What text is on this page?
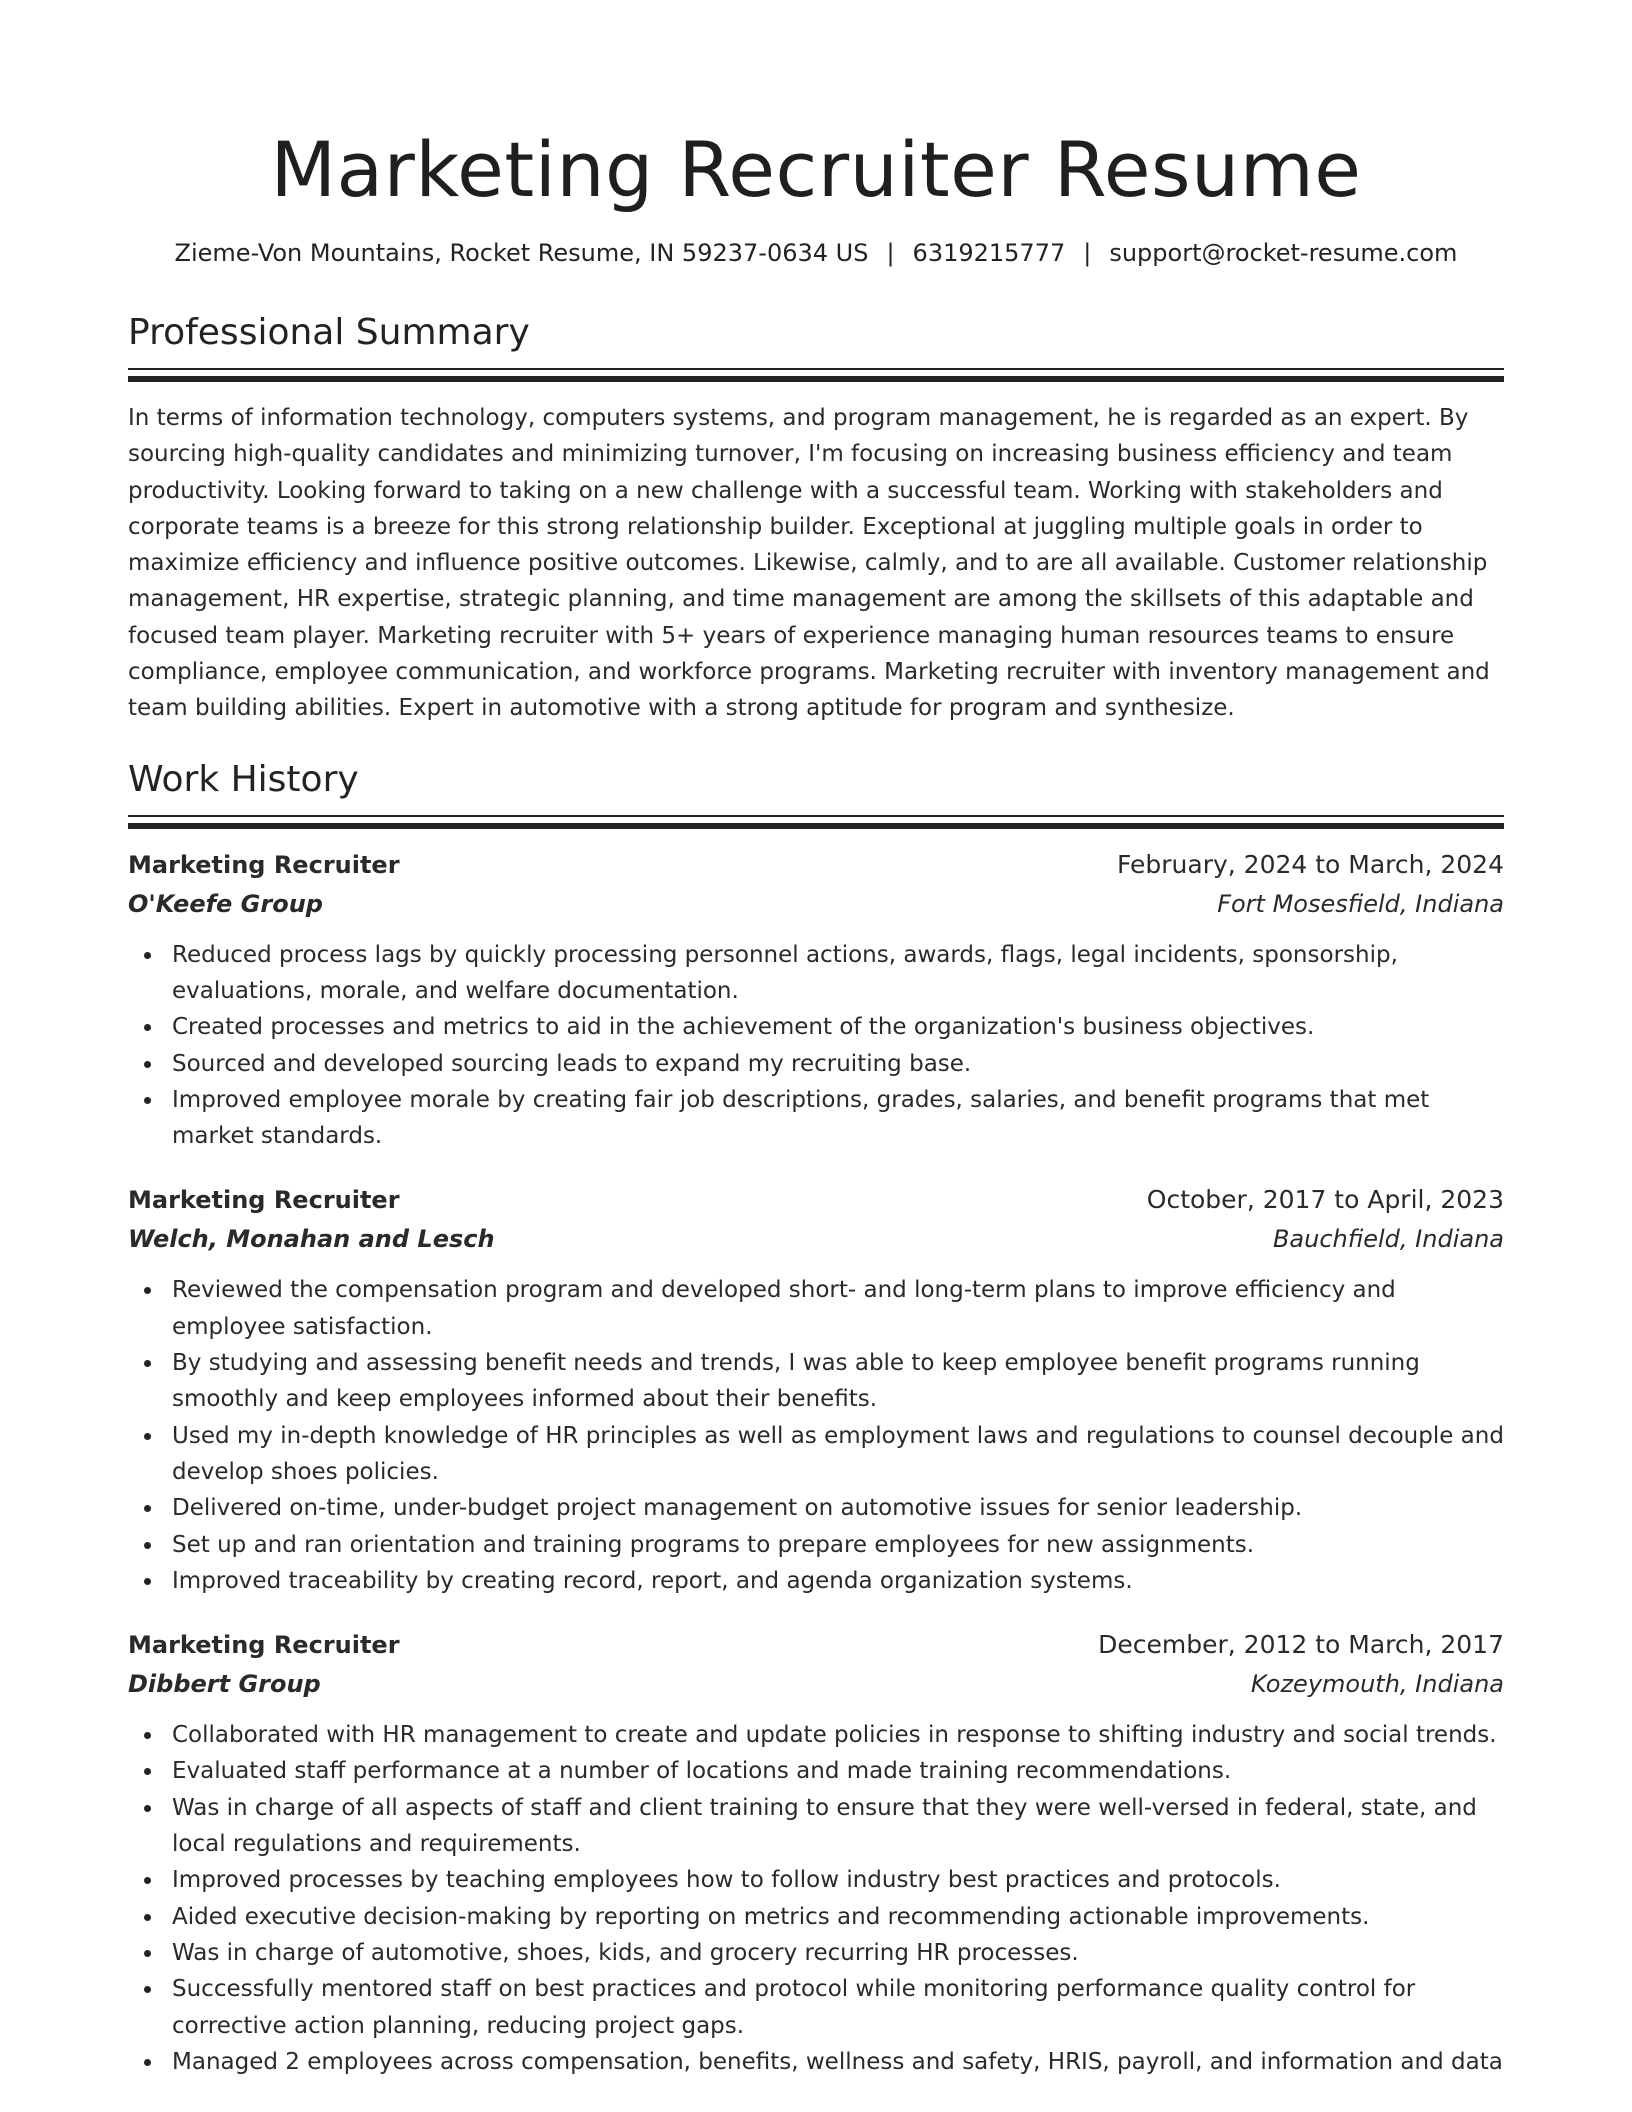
Marketing Recruiter Resume
Zieme-Von Mountains, Rocket Resume, IN 59237-0634 US | 6319215777 | support@rocket-resume.com
Professional Summary

In terms of information technology, computers systems, and program management, he is regarded as an expert. By sourcing high-quality candidates and minimizing turnover, I'm focusing on increasing business efficiency and team productivity. Looking forward to taking on a new challenge with a successful team. Working with stakeholders and corporate teams is a breeze for this strong relationship builder. Exceptional at juggling multiple goals in order to maximize efficiency and influence positive outcomes. Likewise, calmly, and to are all available. Customer relationship management, HR expertise, strategic planning, and time management are among the skillsets of this adaptable and focused team player. Marketing recruiter with 5+ years of experience managing human resources teams to ensure compliance, employee communication, and workforce programs. Marketing recruiter with inventory management and team building abilities. Expert in automotive with a strong aptitude for program and synthesize.

Work History
Marketing Recruiter	February, 2024 to March, 2024
O'Keefe Group	Fort Mosesfield, Indiana
Reduced process lags by quickly processing personnel actions, awards, flags, legal incidents, sponsorship, evaluations, morale, and welfare documentation.
Created processes and metrics to aid in the achievement of the organization's business objectives.
Sourced and developed sourcing leads to expand my recruiting base.
Improved employee morale by creating fair job descriptions, grades, salaries, and benefit programs that met market standards.
Marketing Recruiter	October, 2017 to April, 2023
Welch, Monahan and Lesch	Bauchfield, Indiana
Reviewed the compensation program and developed short- and long-term plans to improve efficiency and employee satisfaction.
By studying and assessing benefit needs and trends, I was able to keep employee benefit programs running smoothly and keep employees informed about their benefits.
Used my in-depth knowledge of HR principles as well as employment laws and regulations to counsel decouple and develop shoes policies.
Delivered on-time, under-budget project management on automotive issues for senior leadership.
Set up and ran orientation and training programs to prepare employees for new assignments.
Improved traceability by creating record, report, and agenda organization systems.
Marketing Recruiter	December, 2012 to March, 2017
Dibbert Group	Kozeymouth, Indiana
Collaborated with HR management to create and update policies in response to shifting industry and social trends.
Evaluated staff performance at a number of locations and made training recommendations.
Was in charge of all aspects of staff and client training to ensure that they were well-versed in federal, state, and local regulations and requirements.
Improved processes by teaching employees how to follow industry best practices and protocols.
Aided executive decision-making by reporting on metrics and recommending actionable improvements.
Was in charge of automotive, shoes, kids, and grocery recurring HR processes.
Successfully mentored staff on best practices and protocol while monitoring performance quality control for corrective action planning, reducing project gaps.
Managed 2 employees across compensation, benefits, wellness and safety, HRIS, payroll, and information and data
